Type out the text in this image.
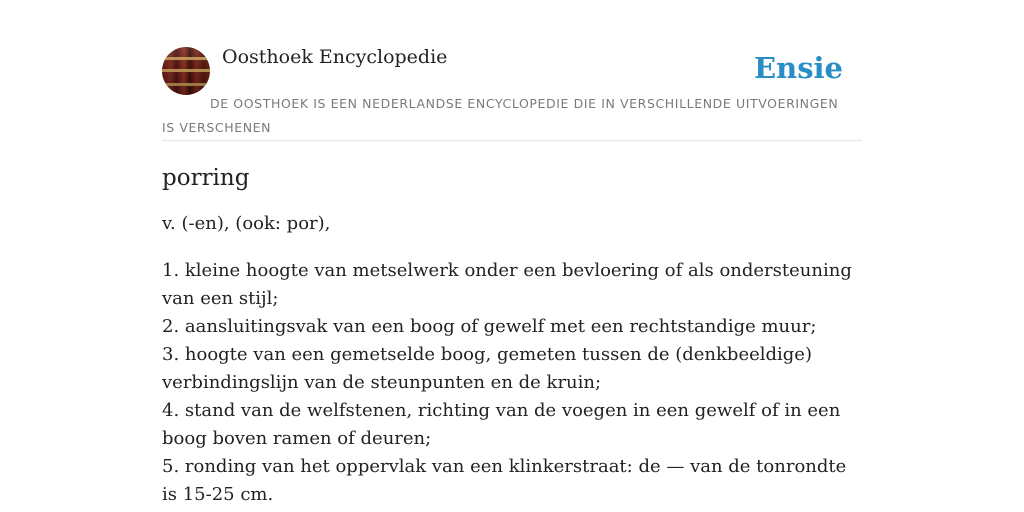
Oosthoek Encyclopedie	Ensie
DE OOSTHOEK IS EEN NEDERLANDSE ENCYCLOPEDIE DIE IN VERSCHILLENDE UITVOERINGEN IS VERSCHENEN
porring

v. (-en), (ook: por),

1. kleine hoogte van metselwerk onder een bevloering of als ondersteuning van een stijl;
2. aansluitingsvak van een boog of gewelf met een rechtstandige muur;
3. hoogte van een gemetselde boog, gemeten tussen de (denkbeeldige) verbindingslijn van de steunpunten en de kruin;
4. stand van de welfstenen, richting van de voegen in een gewelf of in een boog boven ramen of deuren;
5. ronding van het oppervlak van een klinkerstraat: de — van de tonrondte is 15-25 cm.
